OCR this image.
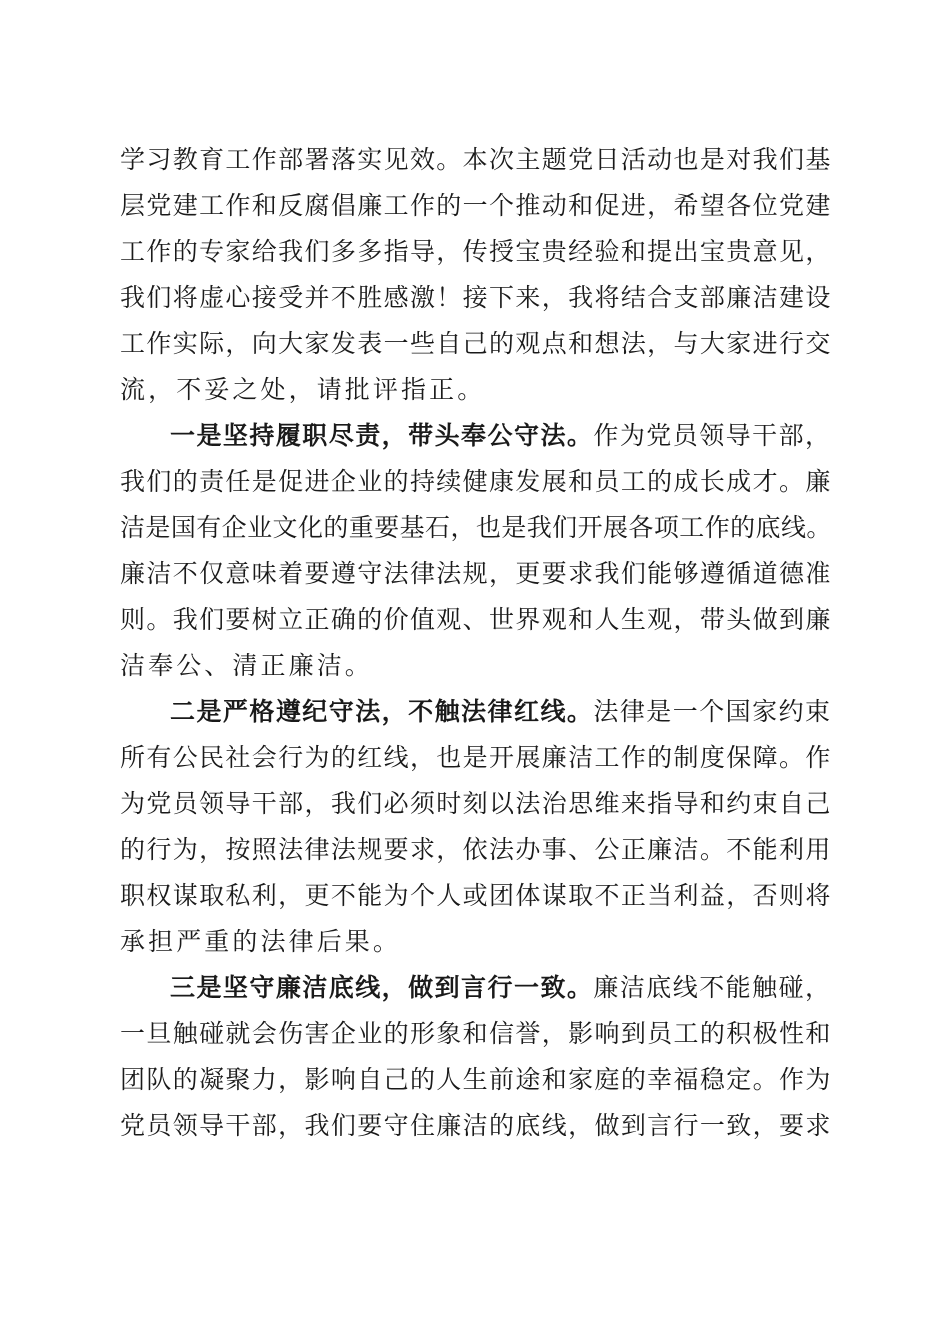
学习教育工作部署落实见效。本次主题党日活动也是对我们基
层党建工作和反腐倡廉工作的一个推动和促进，希望各位党建
工作的专家给我们多多指导，传授宝贵经验和提出宝贵意见，
我们将虚心接受并不胜感激！接下来，我将结合支部廉洁建设
工作实际，向大家发表一些自己的观点和想法，与大家进行交
流，不妥之处，请批评指正。
一是坚持履职尽责，带头奉公守法。作为党员领导干部，
我们的责任是促进企业的持续健康发展和员工的成长成才。廉
洁是国有企业文化的重要基石，也是我们开展各项工作的底线。
廉洁不仅意味着要遵守法律法规，更要求我们能够遵循道德准
则。我们要树立正确的价值观、世界观和人生观，带头做到廉
洁奉公、清正廉洁。
二是严格遵纪守法，不触法律红线。法律是一个国家约束
所有公民社会行为的红线，也是开展廉洁工作的制度保障。作
为党员领导干部，我们必须时刻以法治思维来指导和约束自己
的行为，按照法律法规要求，依法办事、公正廉洁。不能利用
职权谋取私利，更不能为个人或团体谋取不正当利益，否则将
承担严重的法律后果。
三是坚守廉洁底线，做到言行一致。廉洁底线不能触碰，
一旦触碰就会伤害企业的形象和信誉，影响到员工的积极性和
团队的凝聚力，影响自己的人生前途和家庭的幸福稳定。作为
党员领导干部，我们要守住廉洁的底线，做到言行一致，要求
